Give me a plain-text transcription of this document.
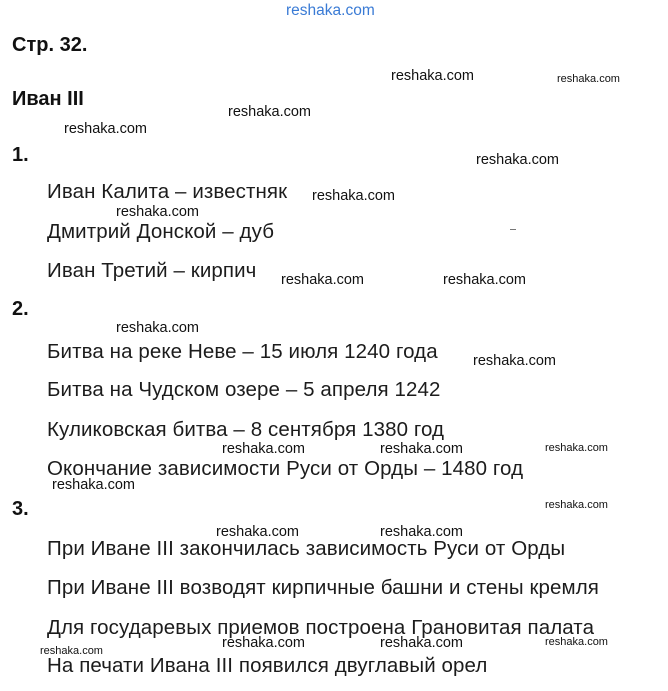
reshaka.com
Стр. 32.
Иван III
1.
Иван Калита – известняк
Дмитрий Донской – дуб
Иван Третий – кирпич
2.
Битва на реке Неве – 15 июля 1240 года
Битва на Чудском озере – 5 апреля 1242
Куликовская битва – 8 сентября 1380 год
Окончание зависимости Руси от Орды – 1480 год
3.
При Иване III закончилась зависимость Руси от Орды
При Иване III возводят кирпичные башни и стены кремля
Для государевых приемов построена Грановитая палата
На печати Ивана III появился двуглавый орел
reshaka.com	reshaka.com
reshaka.com
reshaka.com
reshaka.com
reshaka.com
reshaka.com
reshaka.com	reshaka.com
reshaka.com
reshaka.com
reshaka.com	reshaka.com	reshaka.com
reshaka.com
reshaka.com
reshaka.com	reshaka.com
reshaka.com	reshaka.com	reshaka.com	reshaka.com
